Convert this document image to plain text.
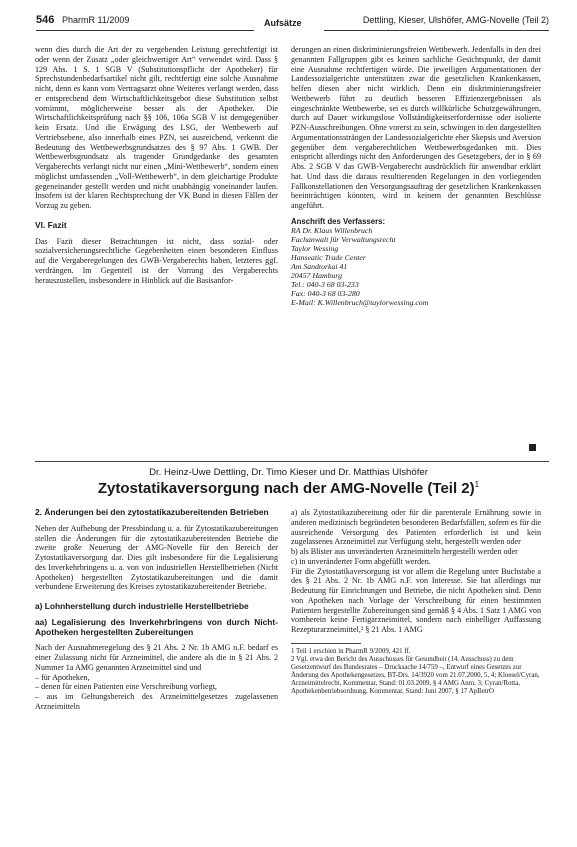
546 PharmR 11/2009	Aufsätze	Dettling, Kieser, Ulshöfer, AMG-Novelle (Teil 2)

wenn dies durch die Art der zu vergebenden Leistung gerechtfertigt ist oder wenn der Zusatz „oder gleichwertiger Art“ verwendet wird. Dass § 129 Abs. 1 S. 1 SGB V (Substitutionspflicht der Apotheker) für Sprechstundenbedarfsartikel nicht gilt, rechtfertigt eine solche Ausnahme nicht, denn es kann vom Vertragsarzt ohne Weiteres verlangt werden, dass er entsprechend dem Wirtschaftlichkeitsgebot diese Substitution selbst vornimmt, möglicherweise besser als der Apotheker. Die Wirtschaftlichkeitsprüfung nach §§ 106, 106a SGB V ist demgegenüber kein Ersatz. Und die Erwägung des LSG, der Wettbewerb auf Vertriebsebene, also innerhalb eines PZN, sei ausreichend, verkennt die Bedeutung des Wettbewerbsgrundsatzes des § 97 Abs. 1 GWB. Der Wettbewerbsgrundsatz als tragender Grundgedanke des gesamten Vergaberechts verlangt nicht nur einen „Mini-Wettbewerb“, sondern einen möglichst umfassenden „Voll-Wettbewerb“, in dem gleichartige Produkte gegeneinander gestellt werden und nicht unabhängig voneinander laufen. Insofern ist der klaren Rechtsprechung der VK Bund in diesen Fällen der Vorzug zu geben.

VI. Fazit

Das Fazit dieser Betrachtungen ist nicht, dass sozial- oder sozialversicherungsrechtliche Gegebenheiten einen besonderen Einfluss auf die Vergaberegelungen des GWB-Vergaberechts haben, letzteres ggf. verdrängen. Im Gegenteil ist der Vorrang des Vergaberechts herauszustellen, insbesondere in Hinblick auf die Basisanfor-

derungen an einen diskriminierungsfreien Wettbewerb. Jedenfalls in den drei genannten Fallgruppen gibt es keinen sachliche Gesichtspunkt, der damit eine Ausnahme rechtfertigen würde. Die jeweiligen Argumentationen der Landessozialgerichte unterstützen zwar die gesetzlichen Krankenkassen, helfen diesen aber nicht wirklich. Denn ein diskriminierungsfreier Wettbewerb führt zu deutlich besseren Effizienzergebnissen als eingeschränkte Wettbewerbe, sei es durch willkürliche Schutzgewährungen, durch auf Dauer wirkungslose Vollständigkeitserfordernisse oder isolierte PZN-Ausschreibungen. Ohne vorerst zu sein, schwingen in den dargestellten Argumentationssträngen der Landessozialgerichte eher Skepsis und Aversion gegenüber dem vergaberechtlichen Wettbewerbsgedanken mit. Dies entspricht allerdings nicht den Anforderungen des Gesetzgebers, der in § 69 Abs. 2 SGB V das GWB-Vergaberecht ausdrücklich für anwendbar erklärt hat. Und dass die daraus resultierenden Regelungen in den vorliegenden Fallkonstellationen den Versorgungsauftrag der gesetzlichen Krankenkassen beeinträchtigen könnten, wird in keinem der genannten Beschlüsse angeführt.

Anschrift des Verfassers:
RA Dr. Klaus Willenbruch
Fachanwalt für Verwaltungsrecht
Taylor Wessing
Hanseatic Trade Center
Am Sandtorkai 41
20457 Hamburg
Tel.: 040-3 68 03-233
Fax: 040-3 68 03-280
E-Mail: K.Willenbruch@taylorwessing.com
Dr. Heinz-Uwe Dettling, Dr. Timo Kieser und Dr. Matthias Ulshöfer
Zytostatikaversorgung nach der AMG-Novelle (Teil 2)$^1$

2. Änderungen bei den zytostatikazubereitenden Betrieben

Neben der Aufhebung der Pressbindung u. a. für Zytostatikazubereitungen stellen die Änderungen für die zytostatikazubereitenden Betriebe die zweite große Neuerung der AMG-Novelle für den Bereich der Zytostatikaversorgung dar. Dies gilt insbesondere für die Legalisierung des Inverkehrbringens u. a. von von industriellen Herstellbetrieben (Nicht Apotheken) hergestellten Zytostatikazubereitungen und die damit verbundene Erweiterung des Kreises zytostatikazubereitender Betriebe.

a) Lohnherstellung durch industrielle Herstellbetriebe

aa) Legalisierung des Inverkehrbringens von durch Nicht-Apotheken hergestellten Zubereitungen

Nach der Ausnahmeregelung des § 21 Abs. 2 Nr. 1b AMG n.F. bedarf es einer Zulassung nicht für Arzneimittel, die andere als die in § 21 Abs. 2 Nummer 1a AMG genannten Arzneimittel sind und

– für Apotheken,

– denen für einen Patienten eine Verschreibung vorliegt,

– aus im Geltungsbereich des Arzneimittelgesetzes zugelassenen Arzneimitteln

a) als Zytostatikazubereitung oder für die parenterale Ernährung sowie in anderen medizinisch begründeten besonderen Bedarfsfällen, sofern es für die ausreichende Versorgung des Patienten erforderlich ist und kein zugelassenes Arzneimittel zur Verfügung steht, hergestellt werden oder

b) als Blister aus unveränderten Arzneimitteln hergestellt werden oder

c) in unveränderter Form abgefüllt werden.

Für die Zytostatikaversorgung ist vor allem die Regelung unter Buchstabe a des § 21 Abs. 2 Nr. 1b AMG n.F. von Interesse. Sie hat allerdings nur Bedeutung für Einrichtungen und Betriebe, die nicht Apotheken sind. Denn von Apotheken nach Vorlage der Verschreibung für einen bestimmten Patienten hergestellte Zubereitungen sind gemäß § 4 Abs. 1 Satz 1 AMG von vornherein keine Fertigarzneimittel, sondern nach einhelliger Auffassung Rezepturarzneimittel,² § 21 Abs. 1 AMG

1 Teil 1 erschien in PharmR 9/2009, 421 ff.

2 Vgl. etwa den Bericht des Ausschusses für Gesundheit (14. Ausschuss) zu dem Gesetzentwurf des Bundesrates – Drucksache 14/759 –, Entwurf eines Gesetzes zur Änderung des Apothekengesetzes, BT-Drs. 14/3920 vom 21.07.2000, 5, 4; Kloesel/Cyran, Arzneimittelrecht, Kommentar, Stand: 01.03.2009, § 4 AMG Anm. 3; Cyran/Rotta, Apothekenbetriebsordnung, Kommentar, Stand: Juni 2007, § 17 ApBetrO
